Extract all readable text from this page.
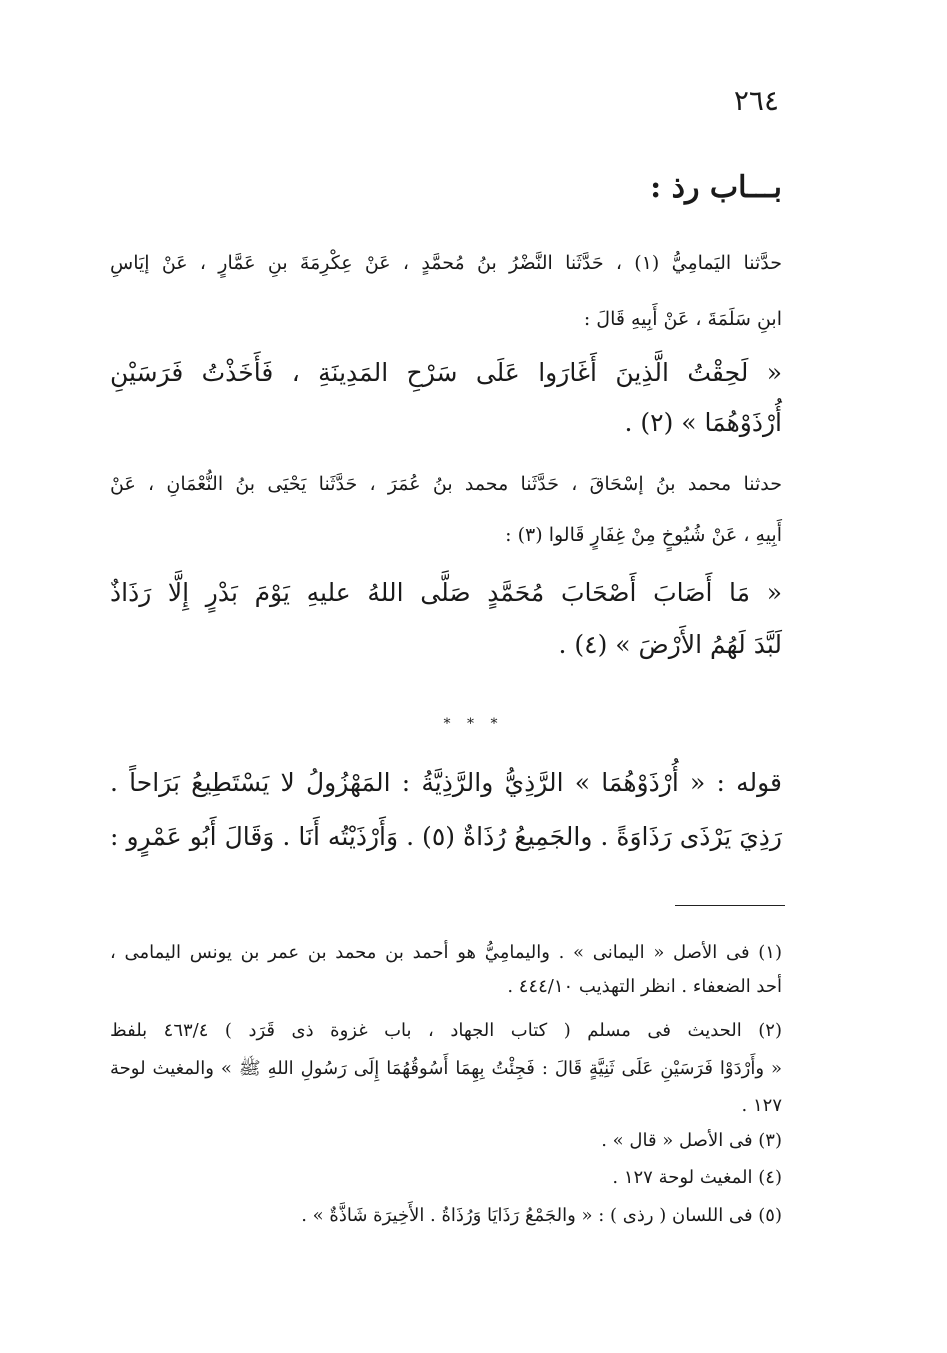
٢٦٤
بـــاب رذ :
حدَّثنا اليَمامِيُّ (١) ، حَدَّثَنا النَّضْرُ بنُ مُحمَّدٍ ، عَنْ عِكْرِمَةَ بنِ عَمَّارٍ ، عَنْ إيَاسِ
ابنِ سَلَمَةَ ، عَنْ أَبِيهِ قَالَ :
« لَحِقْتُ الَّذِينَ أَغَارَوا عَلَى سَرْحِ المَدِينَةِ ، فَأَخَذْتُ فَرَسَيْنِ
أُرْذَوْهُمَا » (٢) .
حدثنا محمد بنُ إسْحَاقَ ، حَدَّثَنا محمد بنُ عُمَرَ ، حَدَّثَنا يَحْيَى بنُ النُّعْمَانِ ، عَنْ
أَبِيهِ ، عَنْ شُيُوخٍ مِنْ غِفَارٍ قَالوا (٣) :
« مَا أَصَابَ أَصْحَابَ مُحَمَّدٍ صَلَّى اللهُ عليهِ يَوْمَ بَدْرٍ إِلَّا رَذَاذٌ
لَبَّدَ لَهُمُ الأَرْضَ » (٤) .
* * *
قوله : « أُرْذَوْهُمَا » الرَّذِيُّ والرَّذِيَّةُ : المَهْزُولُ لا يَسْتَطِيعُ بَرَاحاً .
رَذِيَ يَرْذَى رَذَاوَةً . والجَمِيعُ رُذَاةٌ (٥) . وَأَرْذَيْتُه أَنَا . وَقَالَ أَبُو عَمْرٍو :
(١) فى الأصل « اليمانى » . واليمامِيُّ هو أحمد بن محمد بن عمر بن يونس اليمامى ،
أحد الضعفاء . انظر التهذيب ٤٤٤/١٠ .
(٢) الحديث فى مسلم ( كتاب الجهاد ، باب غزوة ذى قَرَد ) ٤٦٣/٤ بلفظ
« وأَرْدَوْا فَرَسَيْنِ عَلَى ثَنِيَّةٍ قَالَ : فَجِئْتُ بِهِمَا أَسُوقُهُمَا إِلَى رَسُولِ اللهِ ﷺ » والمغيث لوحة
١٢٧ .
(٣) فى الأصل « قال » .
(٤) المغيث لوحة ١٢٧ .
(٥) فى اللسان ( رذى ) : « والجَمْعُ رَذَايَا وَرُذَاةُ . الأَخِيرَة شَاذَّةٌ » .
